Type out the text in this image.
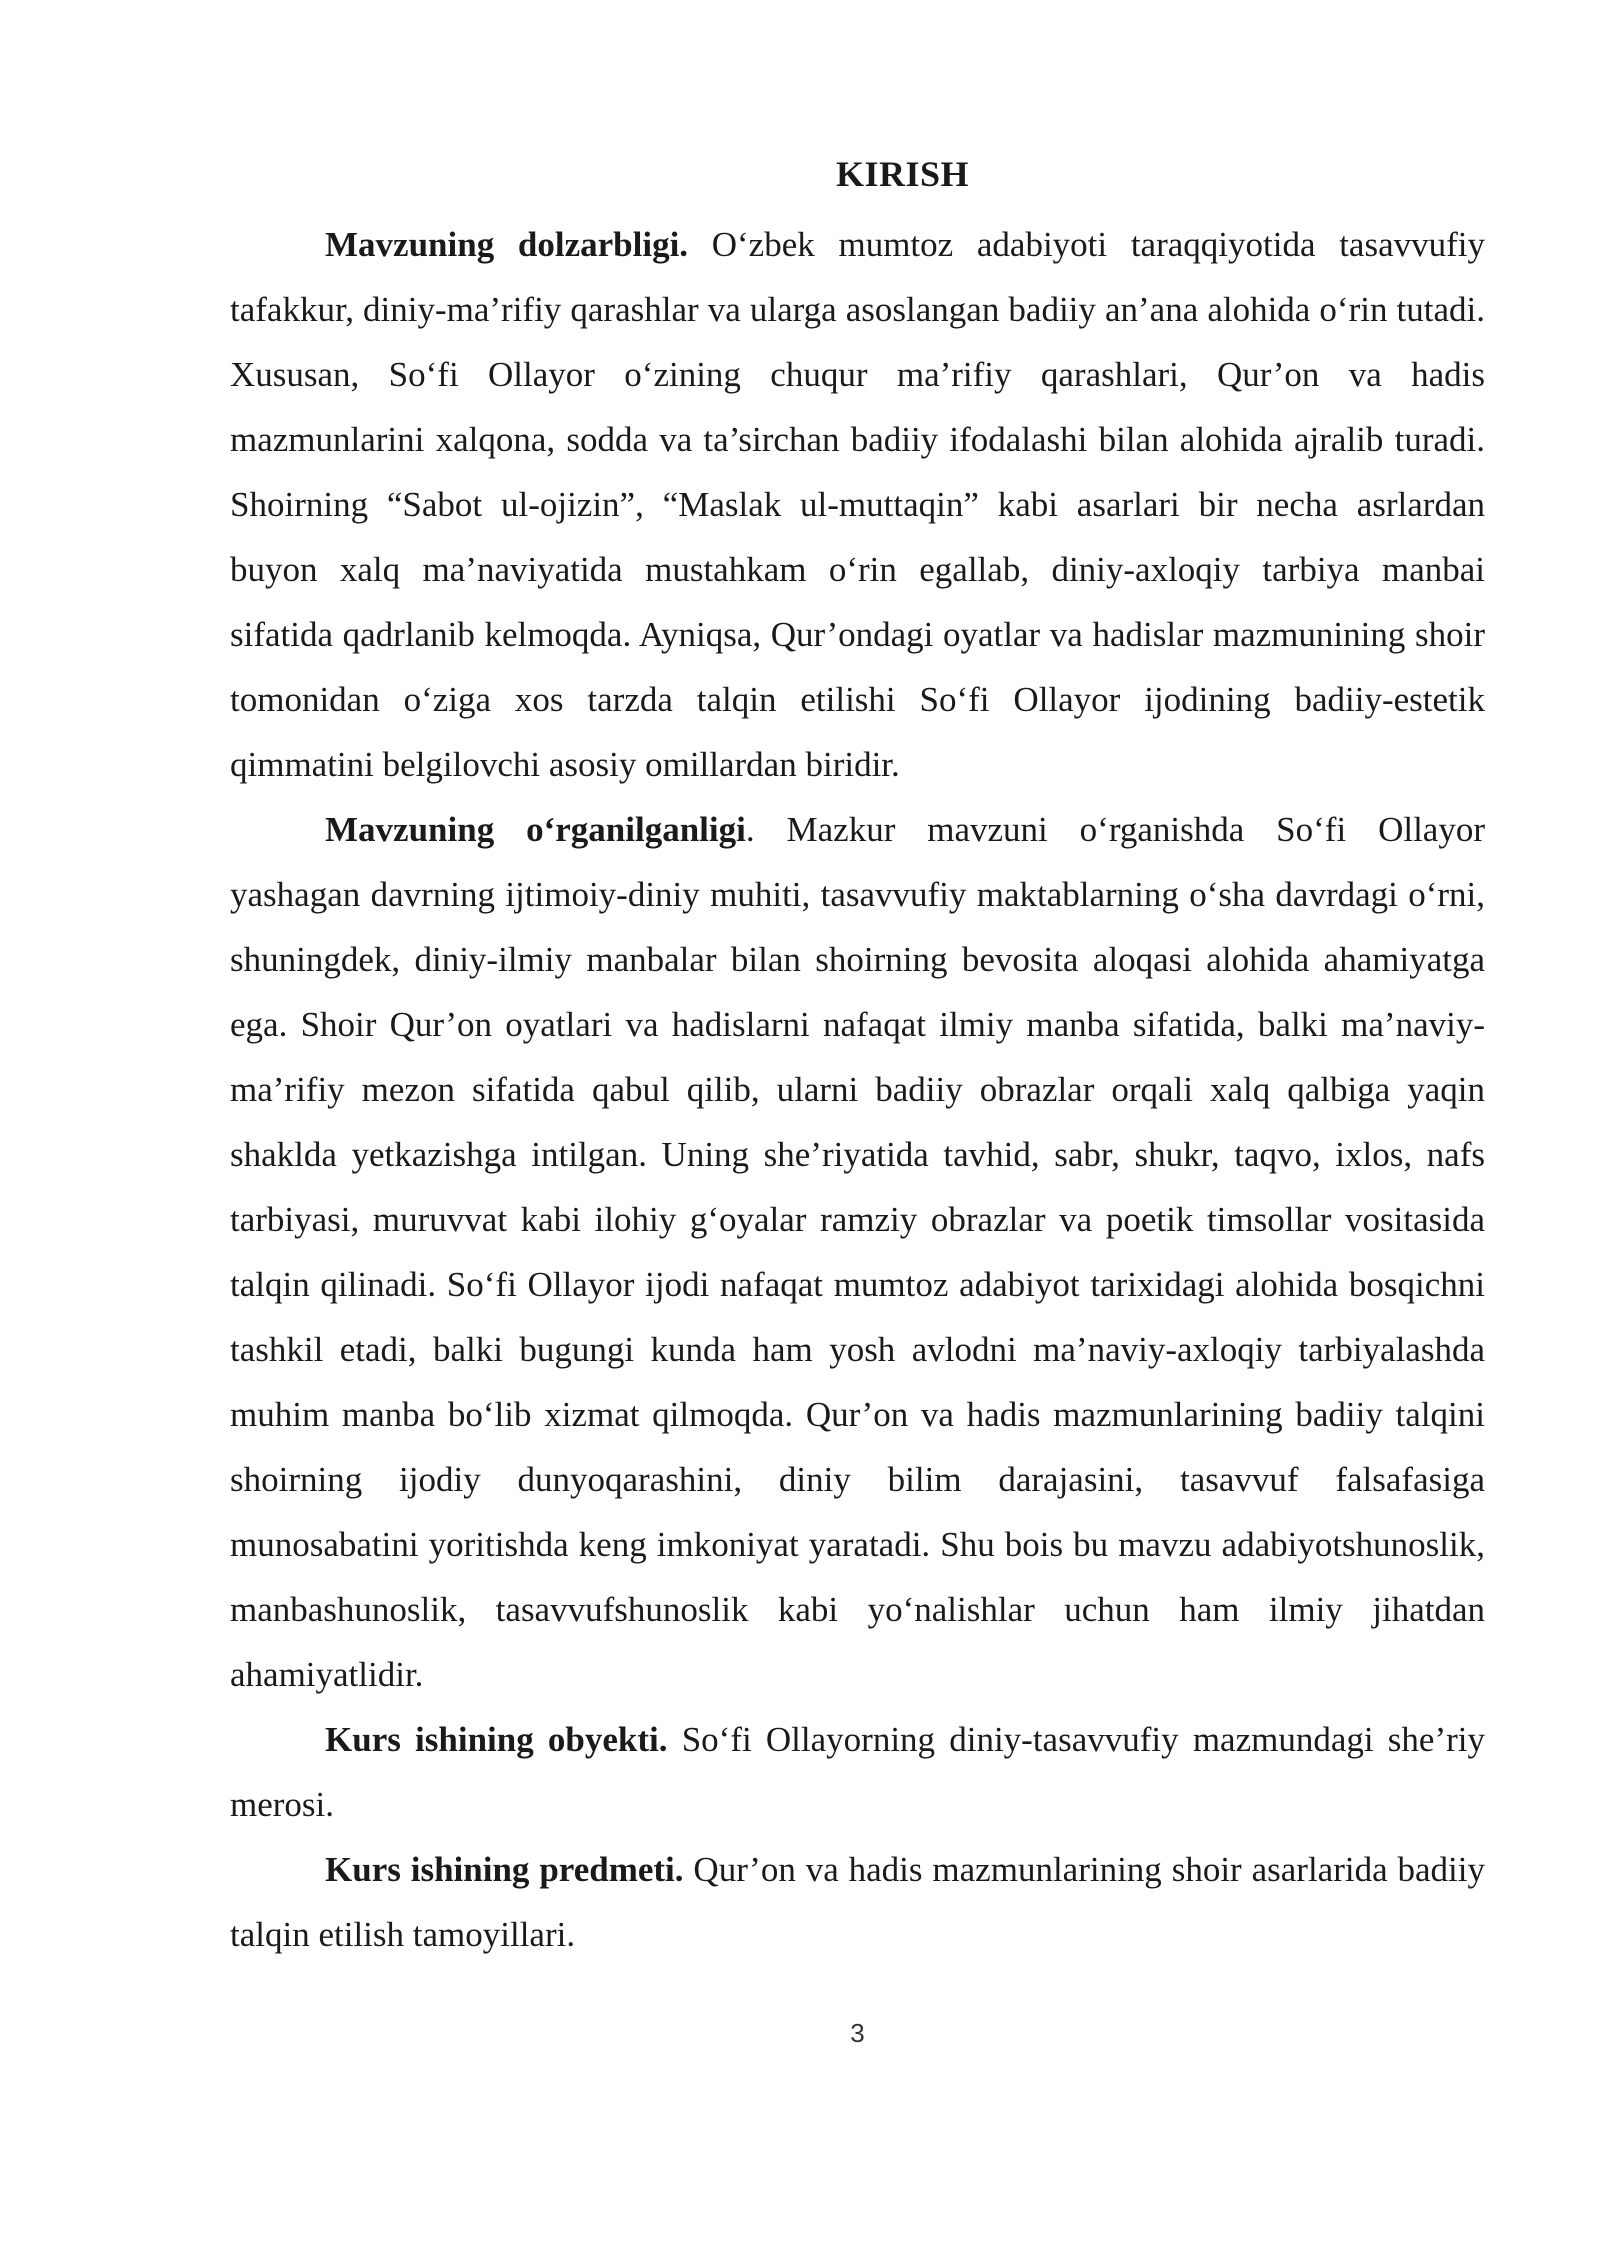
KIRISH

Mavzuning dolzarbligi. O‘zbek mumtoz adabiyoti taraqqiyotida tasavvufiy tafakkur, diniy-ma’rifiy qarashlar va ularga asoslangan badiiy an’ana alohida o‘rin tutadi. Xususan, So‘fi Ollayor o‘zining chuqur ma’rifiy qarashlari, Qur’on va hadis mazmunlarini xalqona, sodda va ta’sirchan badiiy ifodalashi bilan alohida ajralib turadi. Shoirning “Sabot ul-ojizin”, “Maslak ul-muttaqin” kabi asarlari bir necha asrlardan buyon xalq ma’naviyatida mustahkam o‘rin egallab, diniy-axloqiy tarbiya manbai sifatida qadrlanib kelmoqda. Ayniqsa, Qur’ondagi oyatlar va hadislar mazmunining shoir tomonidan o‘ziga xos tarzda talqin etilishi So‘fi Ollayor ijodining badiiy-estetik qimmatini belgilovchi asosiy omillardan biridir.

Mavzuning o‘rganilganligi. Mazkur mavzuni o‘rganishda So‘fi Ollayor yashagan davrning ijtimoiy-diniy muhiti, tasavvufiy maktablarning o‘sha davrdagi o‘rni, shuningdek, diniy-ilmiy manbalar bilan shoirning bevosita aloqasi alohida ahamiyatga ega. Shoir Qur’on oyatlari va hadislarni nafaqat ilmiy manba sifatida, balki ma’naviy-ma’rifiy mezon sifatida qabul qilib, ularni badiiy obrazlar orqali xalq qalbiga yaqin shaklda yetkazishga intilgan. Uning she’riyatida tavhid, sabr, shukr, taqvo, ixlos, nafs tarbiyasi, muruvvat kabi ilohiy g‘oyalar ramziy obrazlar va poetik timsollar vositasida talqin qilinadi. So‘fi Ollayor ijodi nafaqat mumtoz adabiyot tarixidagi alohida bosqichni tashkil etadi, balki bugungi kunda ham yosh avlodni ma’naviy-axloqiy tarbiyalashda muhim manba bo‘lib xizmat qilmoqda. Qur’on va hadis mazmunlarining badiiy talqini shoirning ijodiy dunyoqarashini, diniy bilim darajasini, tasavvuf falsafasiga munosabatini yoritishda keng imkoniyat yaratadi. Shu bois bu mavzu adabiyotshunoslik, manbashunoslik, tasavvufshunoslik kabi yo‘nalishlar uchun ham ilmiy jihatdan ahamiyatlidir.

Kurs ishining obyekti. So‘fi Ollayorning diniy-tasavvufiy mazmundagi she’riy merosi.

Kurs ishining predmeti. Qur’on va hadis mazmunlarining shoir asarlarida badiiy talqin etilish tamoyillari.

3
